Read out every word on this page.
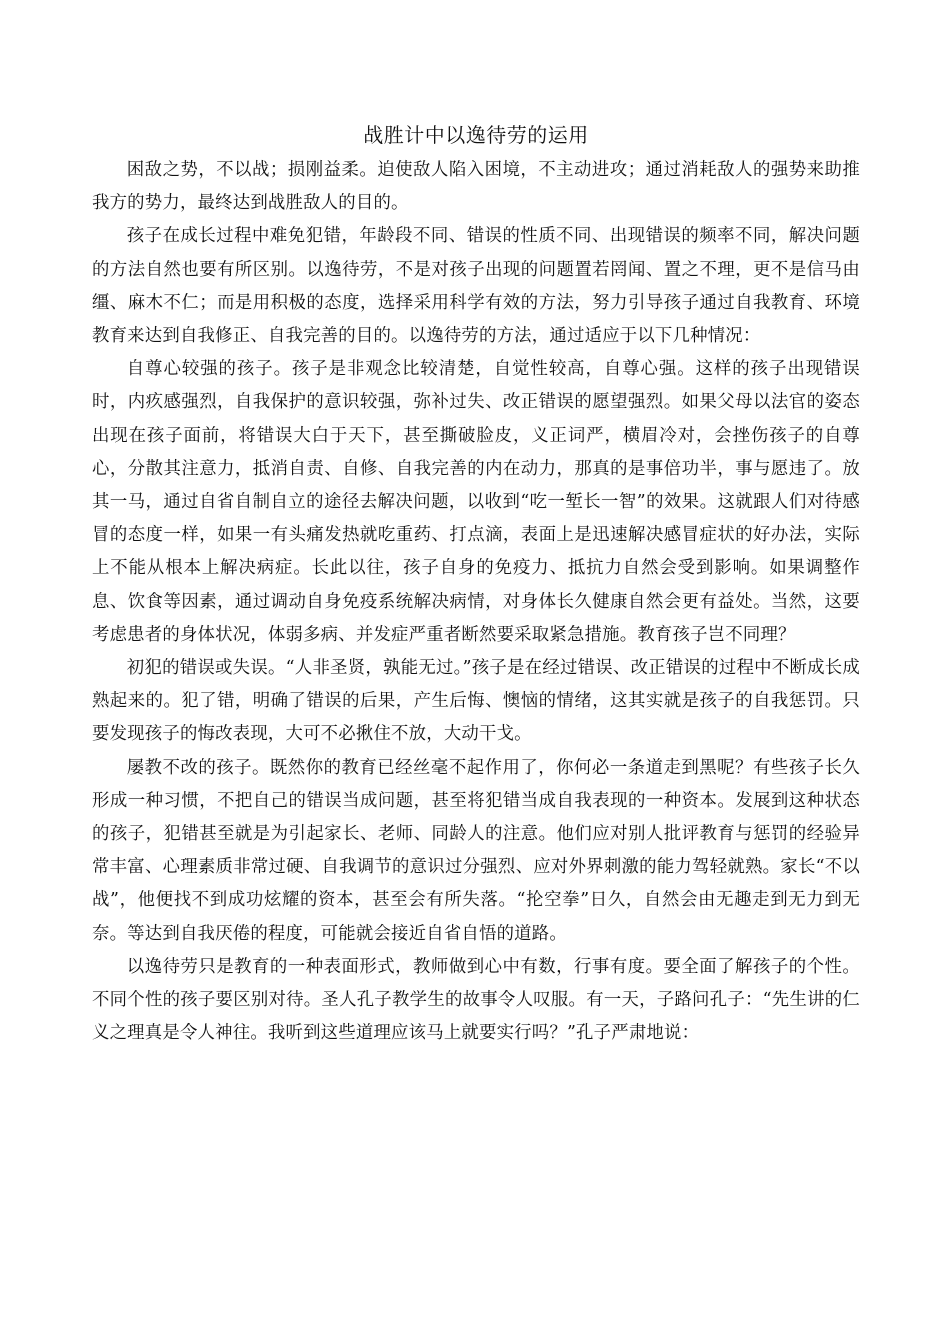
战胜计中以逸待劳的运用

困敌之势，不以战；损刚益柔。迫使敌人陷入困境，不主动进攻；通过消耗敌人的强势来助推我方的势力，最终达到战胜敌人的目的。

孩子在成长过程中难免犯错，年龄段不同、错误的性质不同、出现错误的频率不同，解决问题的方法自然也要有所区别。以逸待劳，不是对孩子出现的问题置若罔闻、置之不理，更不是信马由缰、麻木不仁；而是用积极的态度，选择采用科学有效的方法，努力引导孩子通过自我教育、环境教育来达到自我修正、自我完善的目的。以逸待劳的方法，通过适应于以下几种情况：

自尊心较强的孩子。孩子是非观念比较清楚，自觉性较高，自尊心强。这样的孩子出现错误时，内疚感强烈，自我保护的意识较强，弥补过失、改正错误的愿望强烈。如果父母以法官的姿态出现在孩子面前，将错误大白于天下，甚至撕破脸皮，义正词严，横眉冷对，会挫伤孩子的自尊心，分散其注意力，抵消自责、自修、自我完善的内在动力，那真的是事倍功半，事与愿违了。放其一马，通过自省自制自立的途径去解决问题，以收到“吃一堑长一智”的效果。这就跟人们对待感冒的态度一样，如果一有头痛发热就吃重药、打点滴，表面上是迅速解决感冒症状的好办法，实际上不能从根本上解决病症。长此以往，孩子自身的免疫力、抵抗力自然会受到影响。如果调整作息、饮食等因素，通过调动自身免疫系统解决病情，对身体长久健康自然会更有益处。当然，这要考虑患者的身体状况，体弱多病、并发症严重者断然要采取紧急措施。教育孩子岂不同理？

初犯的错误或失误。“人非圣贤，孰能无过。”孩子是在经过错误、改正错误的过程中不断成长成熟起来的。犯了错，明确了错误的后果，产生后悔、懊恼的情绪，这其实就是孩子的自我惩罚。只要发现孩子的悔改表现，大可不必揪住不放，大动干戈。

屡教不改的孩子。既然你的教育已经丝毫不起作用了，你何必一条道走到黑呢？有些孩子长久形成一种习惯，不把自己的错误当成问题，甚至将犯错当成自我表现的一种资本。发展到这种状态的孩子，犯错甚至就是为引起家长、老师、同龄人的注意。他们应对别人批评教育与惩罚的经验异常丰富、心理素质非常过硬、自我调节的意识过分强烈、应对外界刺激的能力驾轻就熟。家长“不以战”，他便找不到成功炫耀的资本，甚至会有所失落。“抡空拳”日久，自然会由无趣走到无力到无奈。等达到自我厌倦的程度，可能就会接近自省自悟的道路。

以逸待劳只是教育的一种表面形式，教师做到心中有数，行事有度。要全面了解孩子的个性。不同个性的孩子要区别对待。圣人孔子教学生的故事令人叹服。有一天，子路问孔子：“先生讲的仁义之理真是令人神往。我听到这些道理应该马上就要实行吗？”孔子严肃地说：
